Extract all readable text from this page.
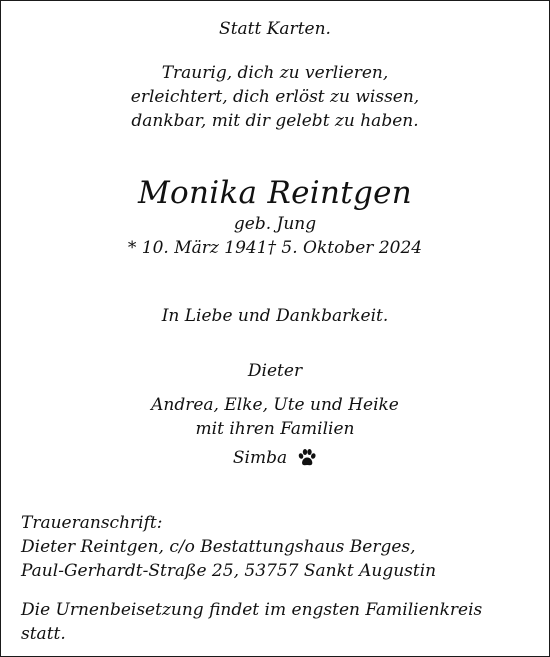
Statt Karten.
Traurig, dich zu verlieren,
erleichtert, dich erlöst zu wissen,
dankbar, mit dir gelebt zu haben.
Monika Reintgen
geb. Jung
* 10. März 1941† 5. Oktober 2024
In Liebe und Dankbarkeit.
Dieter
Andrea, Elke, Ute und Heike
mit ihren Familien
Simba
Traueranschrift:
Dieter Reintgen, c/o Bestattungshaus Berges,
Paul-Gerhardt-Straße 25, 53757 Sankt Augustin
Die Urnenbeisetzung findet im engsten Familienkreis
statt.
